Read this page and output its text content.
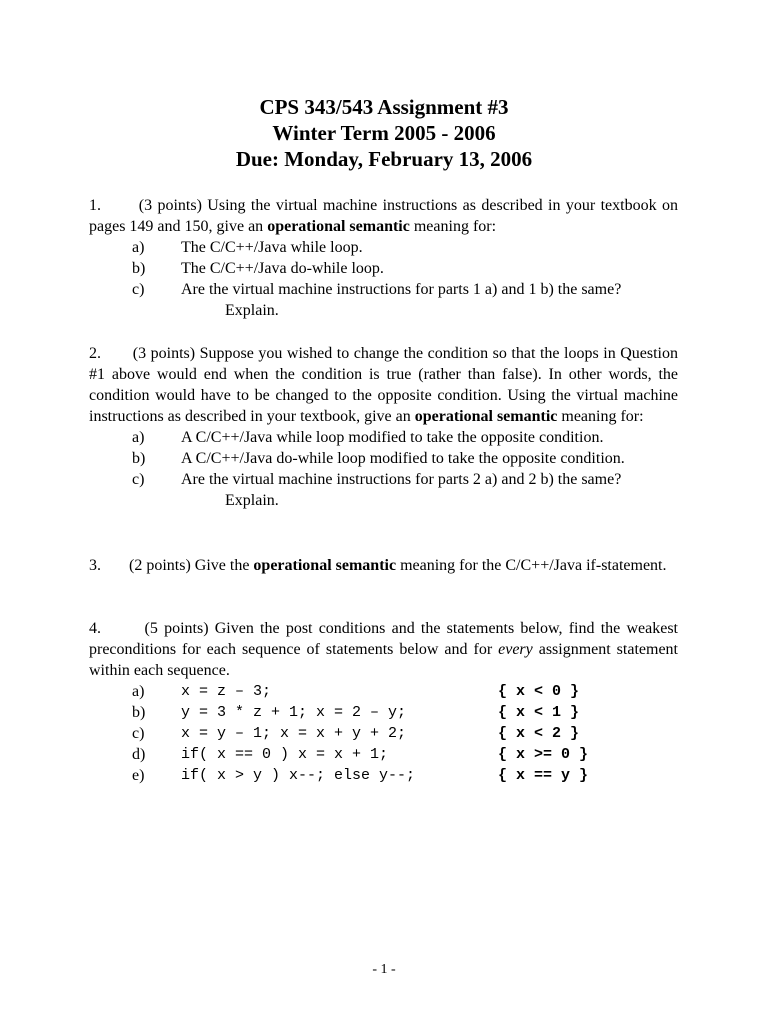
CPS 343/543 Assignment #3
Winter Term 2005 - 2006
Due: Monday, February 13, 2006
1.       (3 points) Using the virtual machine instructions as described in your textbook on pages 149 and 150, give an operational semantic meaning for:
a) The C/C++/Java while loop.
b) The C/C++/Java do-while loop.
c) Are the virtual machine instructions for parts 1 a) and 1 b) the same?
Explain.
2.       (3 points) Suppose you wished to change the condition so that the loops in Question #1 above would end when the condition is true (rather than false). In other words, the condition would have to be changed to the opposite condition. Using the virtual machine instructions as described in your textbook, give an operational semantic meaning for:
a) A C/C++/Java while loop modified to take the opposite condition.
b) A C/C++/Java do-while loop modified to take the opposite condition.
c) Are the virtual machine instructions for parts 2 a) and 2 b) the same?
Explain.
3.       (2 points) Give the operational semantic meaning for the C/C++/Java if-statement.
4.       (5 points) Given the post conditions and the statements below, find the weakest preconditions for each sequence of statements below and for every assignment statement within each sequence.
a) x = z – 3;	{ x < 0 }
b) y = 3 * z + 1; x = 2 – y;	{ x < 1 }
c) x = y – 1; x = x + y + 2;	{ x < 2 }
d) if( x == 0 ) x = x + 1;	{ x >= 0 }
e) if( x > y ) x--; else y--;	{ x == y }
- 1 -
